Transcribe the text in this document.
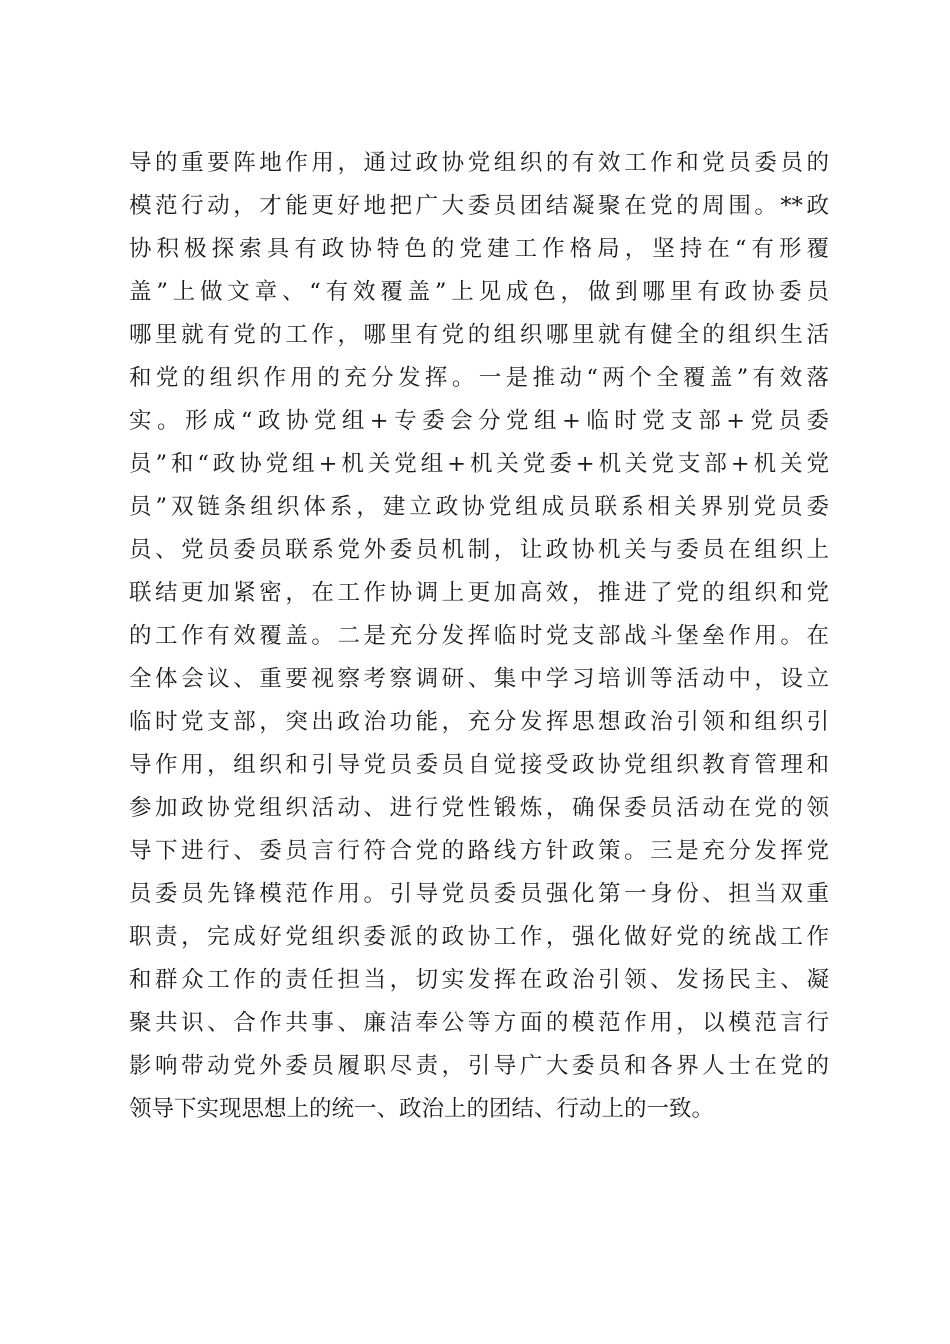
导的重要阵地作用，通过政协党组织的有效工作和党员委员的
模范行动，才能更好地把广大委员团结凝聚在党的周围。**政
协积极探索具有政协特色的党建工作格局，坚持在“有形覆
盖”上做文章、“有效覆盖”上见成色，做到哪里有政协委员
哪里就有党的工作，哪里有党的组织哪里就有健全的组织生活
和党的组织作用的充分发挥。一是推动“两个全覆盖”有效落
实。形成“政协党组+专委会分党组+临时党支部+党员委
员”和“政协党组+机关党组+机关党委+机关党支部+机关党
员”双链条组织体系，建立政协党组成员联系相关界别党员委
员、党员委员联系党外委员机制，让政协机关与委员在组织上
联结更加紧密，在工作协调上更加高效，推进了党的组织和党
的工作有效覆盖。二是充分发挥临时党支部战斗堡垒作用。在
全体会议、重要视察考察调研、集中学习培训等活动中，设立
临时党支部，突出政治功能，充分发挥思想政治引领和组织引
导作用，组织和引导党员委员自觉接受政协党组织教育管理和
参加政协党组织活动、进行党性锻炼，确保委员活动在党的领
导下进行、委员言行符合党的路线方针政策。三是充分发挥党
员委员先锋模范作用。引导党员委员强化第一身份、担当双重
职责，完成好党组织委派的政协工作，强化做好党的统战工作
和群众工作的责任担当，切实发挥在政治引领、发扬民主、凝
聚共识、合作共事、廉洁奉公等方面的模范作用，以模范言行
影响带动党外委员履职尽责，引导广大委员和各界人士在党的
领导下实现思想上的统一、政治上的团结、行动上的一致。
